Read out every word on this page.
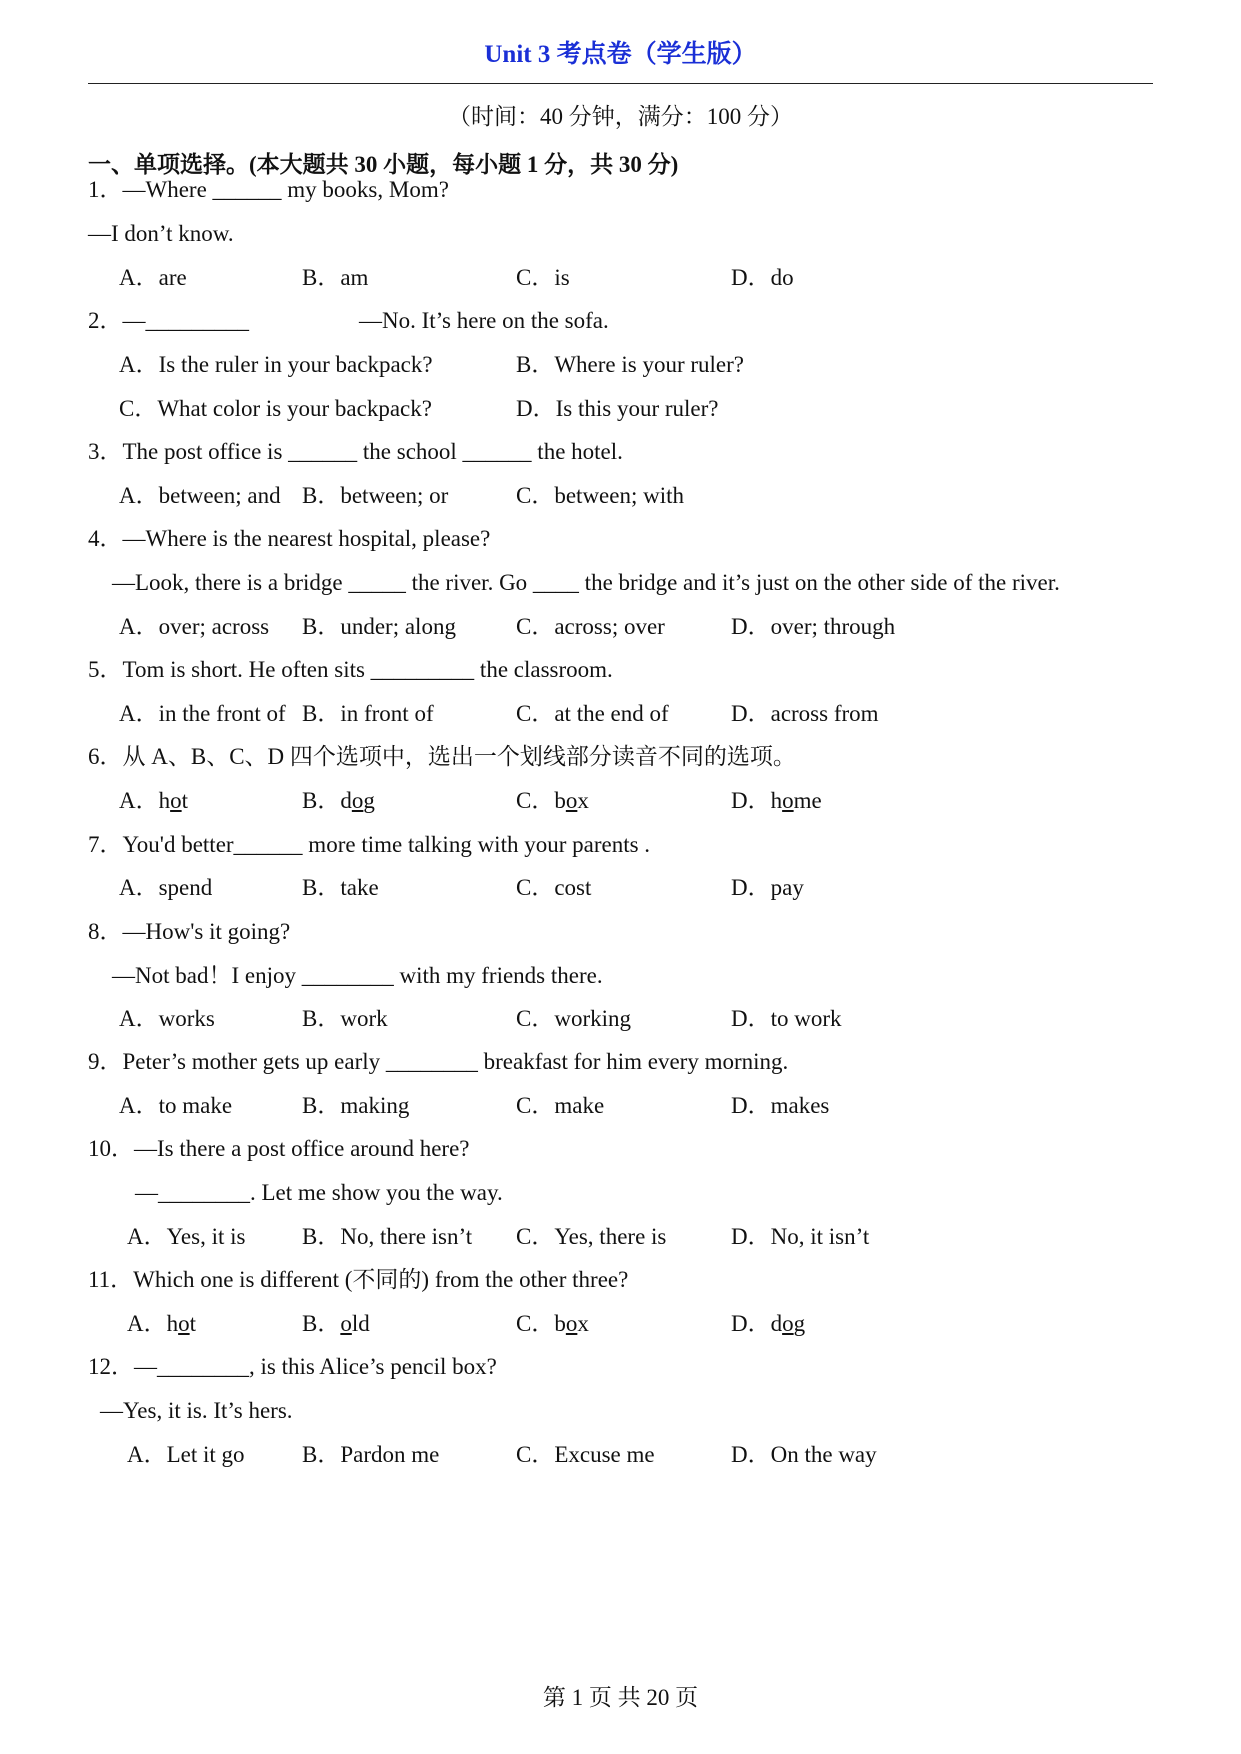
Unit 3 考点卷（学生版）
（时间：40 分钟，满分：100 分）
一、单项选择。(本大题共 30 小题，每小题 1 分，共 30 分)
1．—Where ______ my books, Mom?
—I don’t know.
A．are	B．am	C．is	D．do
2．—_________	—No. It’s here on the sofa.
A．Is the ruler in your backpack?	B．Where is your ruler?
C．What color is your backpack?	D．Is this your ruler?
3．The post office is ______ the school ______ the hotel.
A．between; and B．between; or	C．between; with
4．—Where is the nearest hospital, please?
—Look, there is a bridge _____ the river. Go ____ the bridge and it’s just on the other side of the river.
A．over; across B．under; along	C．across; over	D．over; through
5．Tom is short. He often sits _________ the classroom.
A．in the front of B．in front of	C．at the end of	D．across from
6．从 A、B、C、D 四个选项中，选出一个划线部分读音不同的选项。
A．hot	B．dog	C．box	D．home
7．You'd better______ more time talking with your parents .
A．spend	B．take	C．cost	D．pay
8．—How's it going?
—Not bad！I enjoy ________ with my friends there.
A．works	B．work	C．working	D．to work
9．Peter’s mother gets up early ________ breakfast for him every morning.
A．to make	B．making	C．make	D．makes
10．—Is there a post office around here?
—________. Let me show you the way.
A．Yes, it is B．No, there isn’t C．Yes, there is	D．No, it isn’t
11．Which one is different (不同的) from the other three?
A．hot	B．old	C．box	D．dog
12．—________, is this Alice’s pencil box?
—Yes, it is. It’s hers.
A．Let it go B．Pardon me	C．Excuse me	D．On the way
第 1 页 共 20 页
